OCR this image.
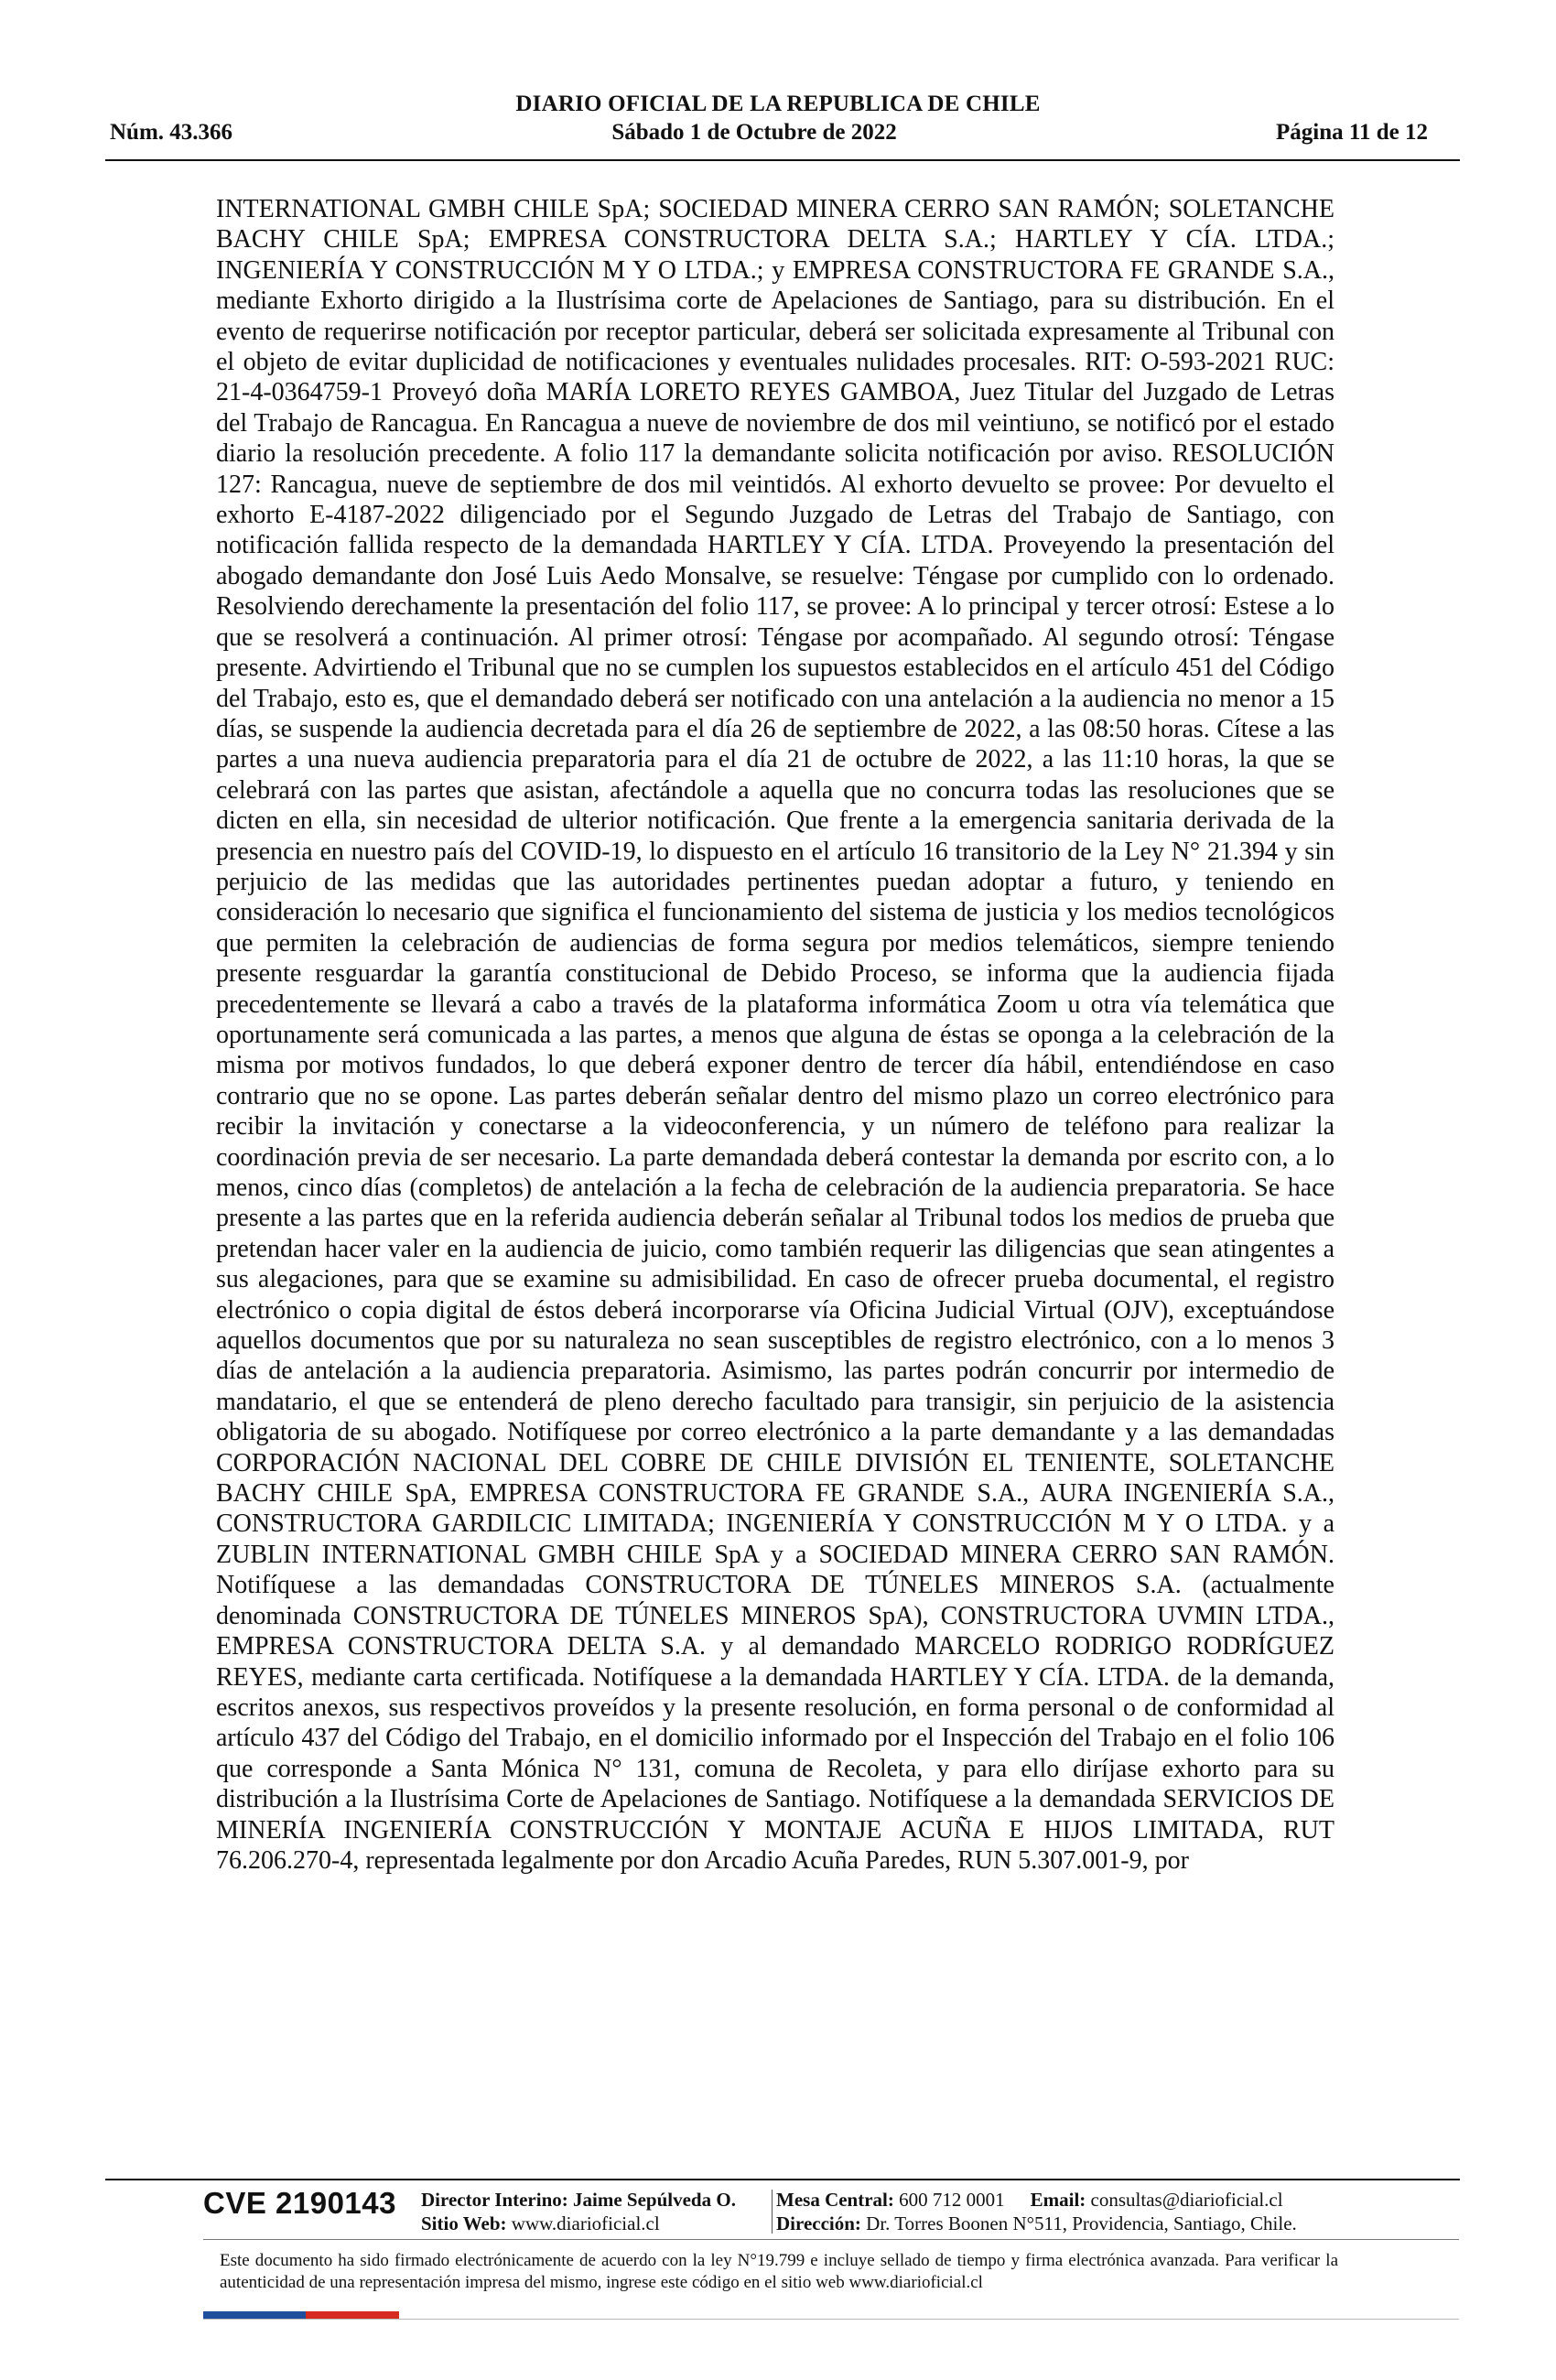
DIARIO OFICIAL DE LA REPUBLICA DE CHILE
Núm. 43.366	Sábado 1 de Octubre de 2022	Página 11 de 12
INTERNATIONAL GMBH CHILE SpA; SOCIEDAD MINERA CERRO SAN RAMÓN; SOLETANCHE BACHY CHILE SpA; EMPRESA CONSTRUCTORA DELTA S.A.; HARTLEY Y CÍA. LTDA.; INGENIERÍA Y CONSTRUCCIÓN M Y O LTDA.; y EMPRESA CONSTRUCTORA FE GRANDE S.A., mediante Exhorto dirigido a la Ilustrísima corte de Apelaciones de Santiago, para su distribución. En el evento de requerirse notificación por receptor particular, deberá ser solicitada expresamente al Tribunal con el objeto de evitar duplicidad de notificaciones y eventuales nulidades procesales. RIT: O-593-2021 RUC: 21-4-0364759-1 Proveyó doña MARÍA LORETO REYES GAMBOA, Juez Titular del Juzgado de Letras del Trabajo de Rancagua. En Rancagua a nueve de noviembre de dos mil veintiuno, se notificó por el estado diario la resolución precedente. A folio 117 la demandante solicita notificación por aviso. RESOLUCIÓN 127: Rancagua, nueve de septiembre de dos mil veintidós. Al exhorto devuelto se provee: Por devuelto el exhorto E-4187-2022 diligenciado por el Segundo Juzgado de Letras del Trabajo de Santiago, con notificación fallida respecto de la demandada HARTLEY Y CÍA. LTDA. Proveyendo la presentación del abogado demandante don José Luis Aedo Monsalve, se resuelve: Téngase por cumplido con lo ordenado. Resolviendo derechamente la presentación del folio 117, se provee: A lo principal y tercer otrosí: Estese a lo que se resolverá a continuación. Al primer otrosí: Téngase por acompañado. Al segundo otrosí: Téngase presente. Advirtiendo el Tribunal que no se cumplen los supuestos establecidos en el artículo 451 del Código del Trabajo, esto es, que el demandado deberá ser notificado con una antelación a la audiencia no menor a 15 días, se suspende la audiencia decretada para el día 26 de septiembre de 2022, a las 08:50 horas. Cítese a las partes a una nueva audiencia preparatoria para el día 21 de octubre de 2022, a las 11:10 horas, la que se celebrará con las partes que asistan, afectándole a aquella que no concurra todas las resoluciones que se dicten en ella, sin necesidad de ulterior notificación. Que frente a la emergencia sanitaria derivada de la presencia en nuestro país del COVID-19, lo dispuesto en el artículo 16 transitorio de la Ley N° 21.394 y sin perjuicio de las medidas que las autoridades pertinentes puedan adoptar a futuro, y teniendo en consideración lo necesario que significa el funcionamiento del sistema de justicia y los medios tecnológicos que permiten la celebración de audiencias de forma segura por medios telemáticos, siempre teniendo presente resguardar la garantía constitucional de Debido Proceso, se informa que la audiencia fijada precedentemente se llevará a cabo a través de la plataforma informática Zoom u otra vía telemática que oportunamente será comunicada a las partes, a menos que alguna de éstas se oponga a la celebración de la misma por motivos fundados, lo que deberá exponer dentro de tercer día hábil, entendiéndose en caso contrario que no se opone. Las partes deberán señalar dentro del mismo plazo un correo electrónico para recibir la invitación y conectarse a la videoconferencia, y un número de teléfono para realizar la coordinación previa de ser necesario. La parte demandada deberá contestar la demanda por escrito con, a lo menos, cinco días (completos) de antelación a la fecha de celebración de la audiencia preparatoria. Se hace presente a las partes que en la referida audiencia deberán señalar al Tribunal todos los medios de prueba que pretendan hacer valer en la audiencia de juicio, como también requerir las diligencias que sean atingentes a sus alegaciones, para que se examine su admisibilidad. En caso de ofrecer prueba documental, el registro electrónico o copia digital de éstos deberá incorporarse vía Oficina Judicial Virtual (OJV), exceptuándose aquellos documentos que por su naturaleza no sean susceptibles de registro electrónico, con a lo menos 3 días de antelación a la audiencia preparatoria. Asimismo, las partes podrán concurrir por intermedio de mandatario, el que se entenderá de pleno derecho facultado para transigir, sin perjuicio de la asistencia obligatoria de su abogado. Notifíquese por correo electrónico a la parte demandante y a las demandadas CORPORACIÓN NACIONAL DEL COBRE DE CHILE DIVISIÓN EL TENIENTE, SOLETANCHE BACHY CHILE SpA, EMPRESA CONSTRUCTORA FE GRANDE S.A., AURA INGENIERÍA S.A., CONSTRUCTORA GARDILCIC LIMITADA; INGENIERÍA Y CONSTRUCCIÓN M Y O LTDA. y a ZUBLIN INTERNATIONAL GMBH CHILE SpA y a SOCIEDAD MINERA CERRO SAN RAMÓN. Notifíquese a las demandadas CONSTRUCTORA DE TÚNELES MINEROS S.A. (actualmente denominada CONSTRUCTORA DE TÚNELES MINEROS SpA), CONSTRUCTORA UVMIN LTDA., EMPRESA CONSTRUCTORA DELTA S.A. y al demandado MARCELO RODRIGO RODRÍGUEZ REYES, mediante carta certificada. Notifíquese a la demandada HARTLEY Y CÍA. LTDA. de la demanda, escritos anexos, sus respectivos proveídos y la presente resolución, en forma personal o de conformidad al artículo 437 del Código del Trabajo, en el domicilio informado por el Inspección del Trabajo en el folio 106 que corresponde a Santa Mónica N° 131, comuna de Recoleta, y para ello diríjase exhorto para su distribución a la Ilustrísima Corte de Apelaciones de Santiago. Notifíquese a la demandada SERVICIOS DE MINERÍA INGENIERÍA CONSTRUCCIÓN Y MONTAJE ACUÑA E HIJOS LIMITADA, RUT 76.206.270-4, representada legalmente por don Arcadio Acuña Paredes, RUN 5.307.001-9, por
CVE 2190143 Director Interino: Jaime Sepúlveda O.
Sitio Web: www.diarioficial.cl
Mesa Central: 600 712 0001 Email: consultas@diarioficial.cl
Dirección: Dr. Torres Boonen N°511, Providencia, Santiago, Chile.
Este documento ha sido firmado electrónicamente de acuerdo con la ley N°19.799 e incluye sellado de tiempo y firma electrónica avanzada. Para verificar la autenticidad de una representación impresa del mismo, ingrese este código en el sitio web www.diarioficial.cl
